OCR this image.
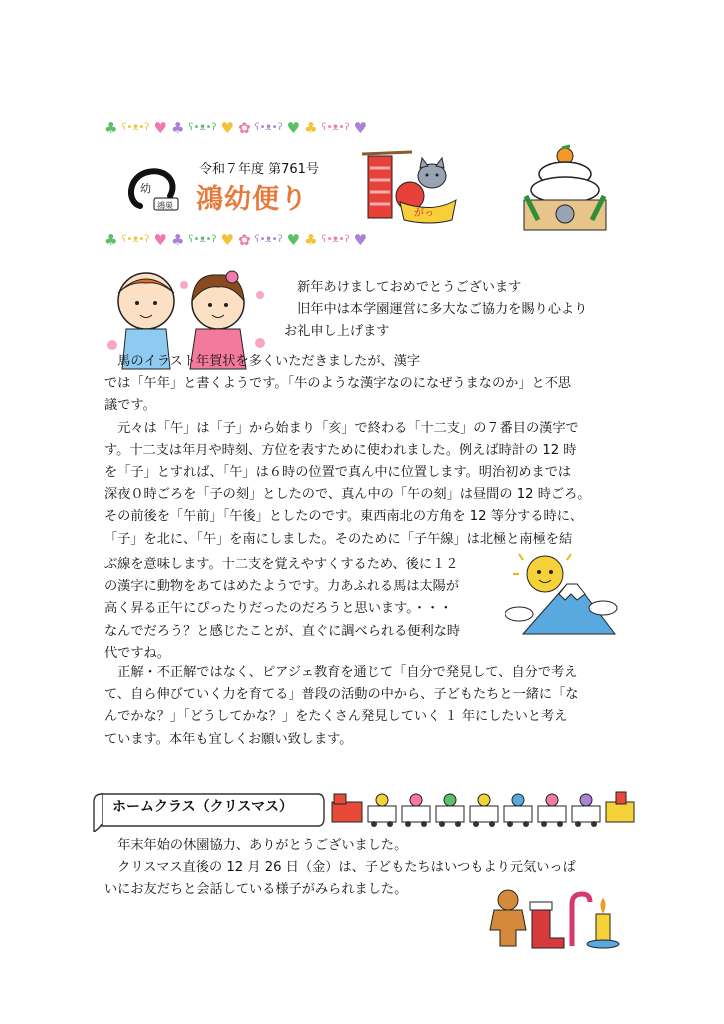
♣ ʕ•ᴥ•ʔ ♥ ♣ ʕ•ᴥ•ʔ ♥ ✿ ʕ•ᴥ•ʔ ♥ ♣ ʕ•ᴥ•ʔ ♥
♣ ʕ•ᴥ•ʔ ♥ ♣ ʕ•ᴥ•ʔ ♥ ✿ ʕ•ᴥ•ʔ ♥ ♣ ʕ•ᴥ•ʔ ♥
幼
鴻巣
令和７年度 第761号
鴻幼便り	がっ
　新年あけましておめでとうございます
　旧年中は本学園運営に多大なご協力を賜り心より
お礼申し上げます
　馬のイラスト年賀状を多くいただきましたが、漢字
では「午年」と書くようです。「牛のような漢字なのになぜうまなのか」と不思
議です。
　元々は「午」は「子」から始まり「亥」で終わる「十二支」の７番目の漢字で
す。十二支は年月や時刻、方位を表すために使われました。例えば時計の 12 時
を「子」とすれば、「午」は６時の位置で真ん中に位置します。明治初めまでは
深夜０時ごろを「子の刻」としたので、真ん中の「午の刻」は昼間の 12 時ごろ。
その前後を「午前」「午後」としたのです。東西南北の方角を 12 等分する時に、
「子」を北に、「午」を南にしました。そのために「子午線」は北極と南極を結
ぶ線を意味します。十二支を覚えやすくするため、後に１２
の漢字に動物をあてはめたようです。力あふれる馬は太陽が
高く昇る正午にぴったりだったのだろうと思います。・・・
なんでだろう？と感じたことが、直ぐに調べられる便利な時
代ですね。
　正解・不正解ではなく、ピアジェ教育を通じて「自分で発見して、自分で考え
て、自ら伸びていく力を育てる」普段の活動の中から、子どもたちと一緒に「な
んでかな？」「どうしてかな？」をたくさん発見していく １ 年にしたいと考え
ています。本年も宜しくお願い致します。
ホームクラス（クリスマス）
　年末年始の休園協力、ありがとうございました。
　クリスマス直後の 12 月 26 日（金）は、子どもたちはいつもより元気いっぱ
いにお友だちと会話している様子がみられました。
